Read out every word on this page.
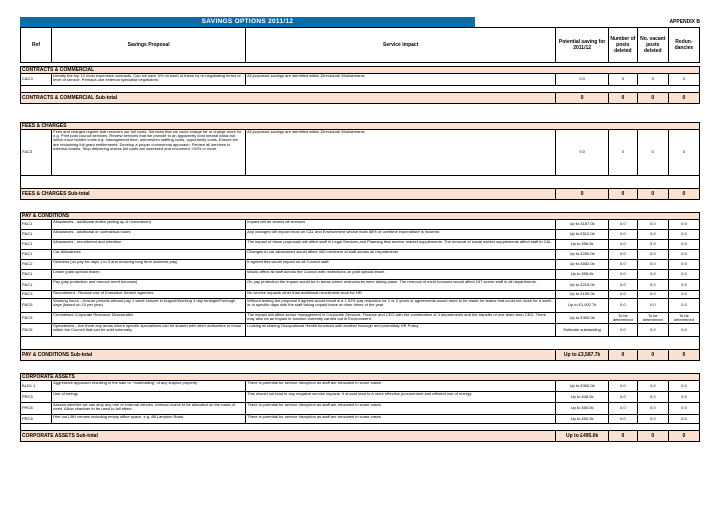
SAVINGS OPTIONS 2011/12	APPENDIX B
Ref	Savings Proposal	Service Impact	Potential saving for 2011/12	Number of posts deleted	No. vacant posts deleted	Redun-dancies

CONTRACTS & COMMERCIAL						
C&C3	Identify the top 10 most expensive contracts. Can we save 5% on each of these by re-negotiating terms or level of service. Perhaps use external specialist negotiators.	All proposed savings are identified within Directorate Workstreams	0.0	0	0	0

CONTRACTS & COMMERCIAL Sub-total			0	0	0	0

FEES & CHARGES						
F&C3	Fees and charges regime that recovers our full costs. Services that we could charge for or charge more for e.g. Print paid council services. Review services that we provide to an apparently cost neutral basis but which incur hidden costs e.g. management time, unforeseen staffing costs, opportunity costs. Ensure we are reclaiming full grant entitlements. Develop a proper commercial approach. Review all services to external bodies. Stop delivering unless full costs are assessed and recovered +20% or more.	All proposed savings are identified within Directorate Workstreams	0.0	0	0	0

FEES & CHARGES Sub-total			0	0	0	0

PAY & CONDITIONS						
P&C1	Allowances - additional duties (acting up & honorarium)	Impact will be across all services	Up to £187.0k	0.0	0.0	0.0
P&C1	Allowances - additional or contractual hours	Any changes will impact most on C&L and Environment whose main 68% of overtime expenditure is incurred	Up to £512.0k	0.0	0.0	0.0
P&C1	Allowances - recruitment and retention	The impact of these proposals will affect staff in Legal Services and Planning that receive market supplements. The removal of social worker supplements affect staff in C&L	Up to £56.0k	0.0	0.0	0.0
P&C1	Car Allowances	Changes to car allowances would affect 400 members of staff across all Departments	Up to £250.0k	0.0	0.0	0.0
P&C2	Sickness (no pay for days 1 to 3 and reducing long term sickness pay)	If agreed this would impact on all Council staff.	Up to £552.0k	0.0	0.0	0.0
P&C1	Leave (paid special leave)	Would affect all staff across the Council with restrictions on paid special leave.	Up to £55.0k	0.0	0.0	0.0
P&C1	Pay (pay protection and remove merit bonuses)	On pay protection the impact would be in areas where restructures were taking place. The removal of merit bonuses would affect 167 senior staff in all departments.	Up to £215.0k	0.0	0.0	0.0
P&C3	Recruitment - Reduce use of Executive Search agencies	No service impacts other than additional recruitment work for HR.	Up to £150.0k	0.0	0.0	0.0
P&C6	Working hours - closure periods without pay 1 week closure in August/Working 4 day fortnight/Furlough days (based on 10 per year)	Without testing the proposal it agreed would result in a 1.92% pay reduction for 1 or 2 years or agreements would need to be made for teams that could not close for a week or in specific days with the staff taking unpaid leave at other times of the year	Up to £1,002.7k	0.0	0.0	0.0
P&C5	Centralised Corporate Resource Directorates	The impact will affect senior management in Corporate Services, Finance and CEO with the combination of 4 departments and the transfer of one team form CEO. There may also be an impact in function currently carried out in Environment.	Up to £400.0k	To be determined	To be determined	To be determined
P&C6	Specialisms - Are there any areas where specific specialisms can be shared with other authorities or those within the Council that can be sold externally	Looking at sharing Occupational Health functions with another borough and potentially HR Policy	Estimate outstanding	0.0	0.0	0.0

PAY & CONDITIONS Sub-total			Up to £3,587.7k	0	0	0

CORPORATE ASSETS						
BLD1 1	Aggressive approach resulting in the sale or "mothballing" of any surplus property	There is potential for service disruption as staff are relocated in some cases.	Up to £350.0k	0.0	0.0	0.0
PRC5	Use of energy	This should not lead to any negative service impacts. It should lead to a more effective procurement and efficient use of energy.	Up to £45.0k	0.0	0.0	0.0
PRC6	Assess whether we can stop any hire of external venues. Internal rooms to be allocated on the basis of need. Allow chamber to be used to full effect.	There is potential for service disruption as staff are relocated in some cases.	Up to £50.0k	0.0	0.0	0.0
PRC6	Hire out LBH venues including empty office space, e.g. 88 Lampton Road	There is potential for service disruption as staff are relocated in some cases.	Up to £50.0k	0.0	0.0	0.0

CORPORATE ASSETS Sub-total			Up to £495.0k	0	0	0
